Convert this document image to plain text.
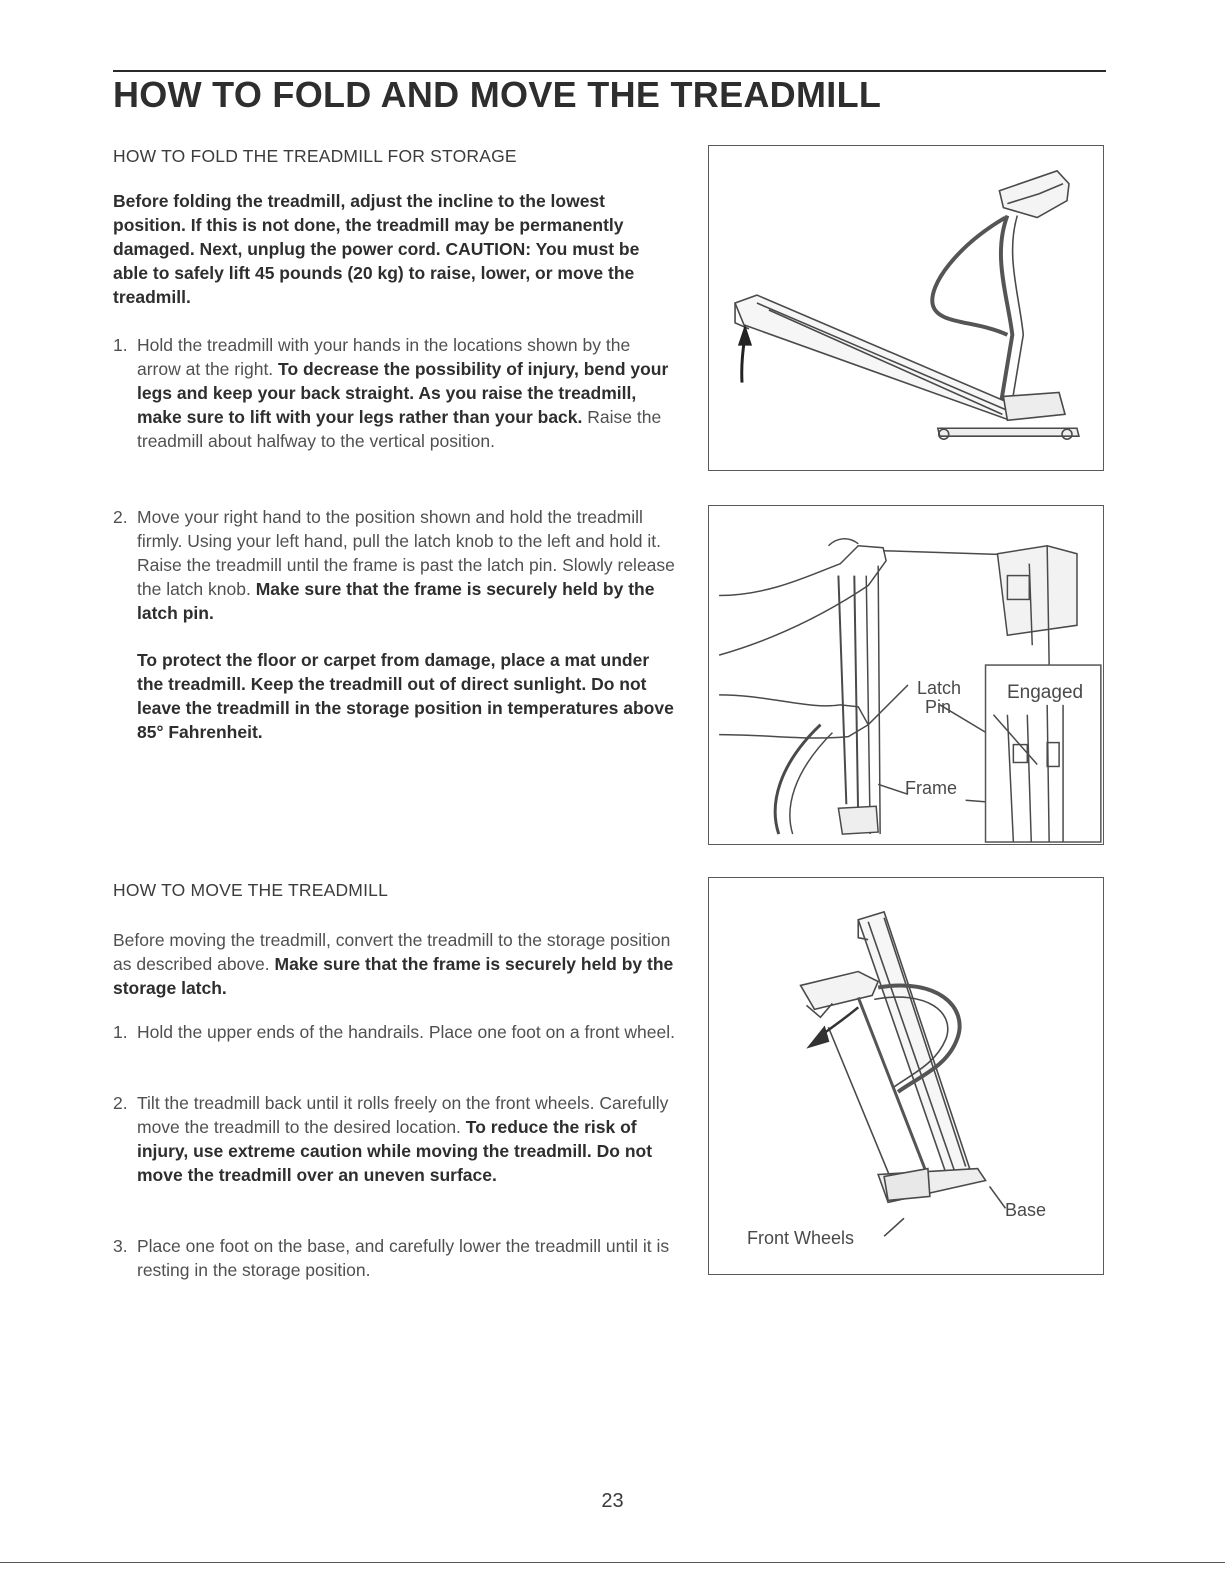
HOW TO FOLD AND MOVE THE TREADMILL
HOW TO FOLD THE TREADMILL FOR STORAGE

Before folding the treadmill, adjust the incline to the lowest position. If this is not done, the treadmill may be permanently damaged. Next, unplug the power cord. CAUTION: You must be able to safely lift 45 pounds (20 kg) to raise, lower, or move the treadmill.

1. Hold the treadmill with your hands in the locations shown by the arrow at the right. To decrease the possibility of injury, bend your legs and keep your back straight. As you raise the treadmill, make sure to lift with your legs rather than your back. Raise the treadmill about halfway to the vertical position.
2. Move your right hand to the position shown and hold the treadmill firmly. Using your left hand, pull the latch knob to the left and hold it. Raise the treadmill until the frame is past the latch pin. Slowly release the latch knob. Make sure that the frame is securely held by the latch pin.
To protect the floor or carpet from damage, place a mat under the treadmill. Keep the treadmill out of direct sunlight. Do not leave the treadmill in the storage position in temperatures above 85° Fahrenheit.
HOW TO MOVE THE TREADMILL
Before moving the treadmill, convert the treadmill to the storage position as described above. Make sure that the frame is securely held by the storage latch.
1. Hold the upper ends of the handrails. Place one foot on a front wheel.
2. Tilt the treadmill back until it rolls freely on the front wheels. Carefully move the treadmill to the desired location. To reduce the risk of injury, use extreme caution while moving the treadmill. Do not move the treadmill over an uneven surface.
3. Place one foot on the base, and carefully lower the treadmill until it is resting in the storage position.
Latch
Pin
Frame
Engaged
Base
Front Wheels
23
